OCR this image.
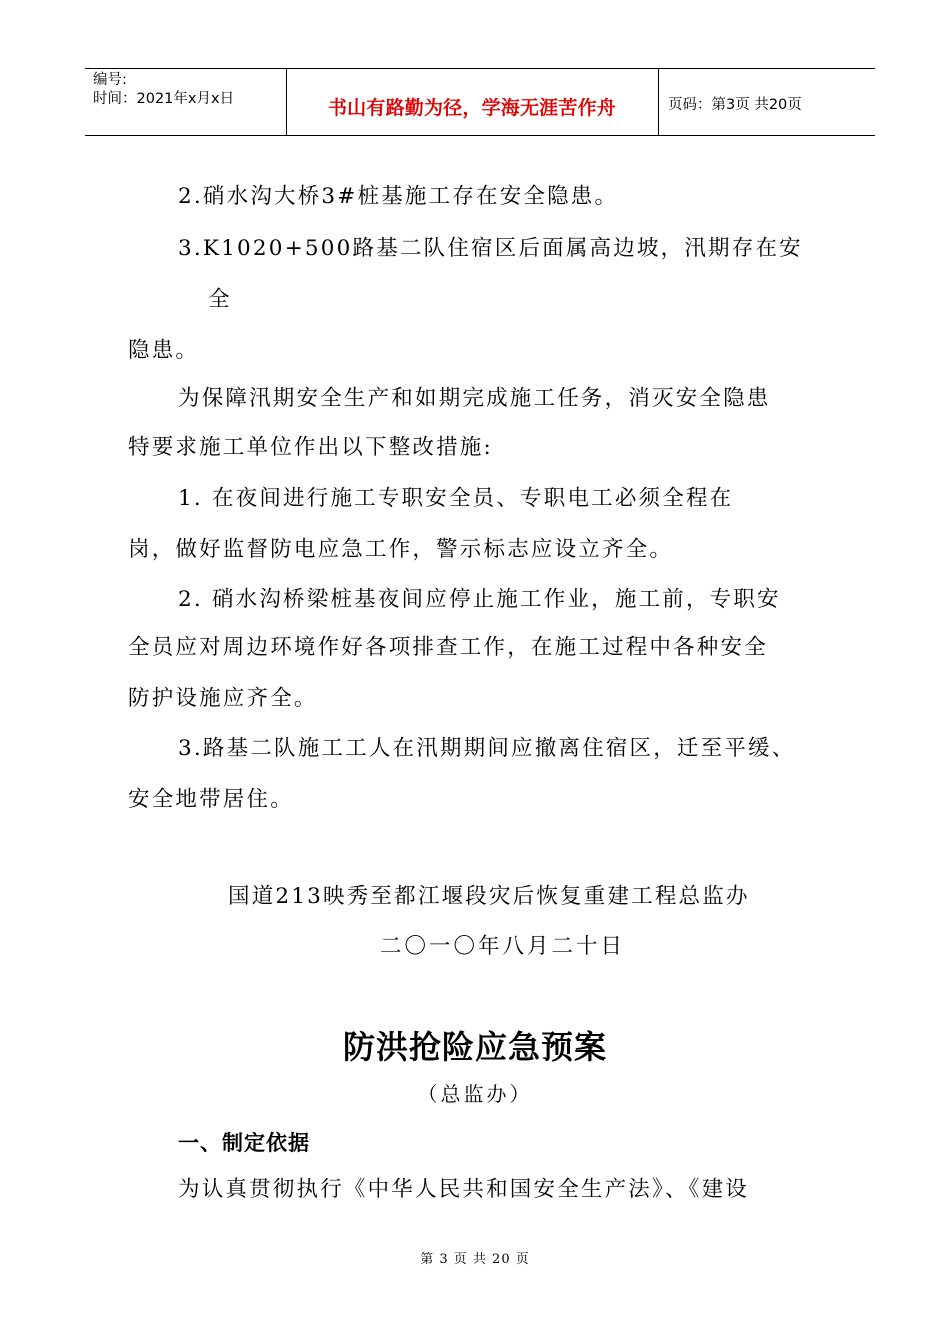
编号:
时间：2021年x月x日	书山有路勤为径，学海无涯苦作舟	页码：第3页 共20页
2.硝水沟大桥3#桩基施工存在安全隐患。
3.K1020+500路基二队住宿区后面属高边坡，汛期存在安
全
隐患。
为保障汛期安全生产和如期完成施工任务，消灭安全隐患
特要求施工单位作出以下整改措施:
1. 在夜间进行施工专职安全员、专职电工必须全程在
岗，做好监督防电应急工作，警示标志应设立齐全。
2. 硝水沟桥梁桩基夜间应停止施工作业，施工前，专职安
全员应对周边环境作好各项排查工作，在施工过程中各种安全
防护设施应齐全。
3.路基二队施工工人在汛期期间应撤离住宿区，迁至平缓、
安全地带居住。
国道213映秀至都江堰段灾后恢复重建工程总监办
二〇一〇年八月二十日
防洪抢险应急预案
（总监办）
一、制定依据
为认真贯彻执行《中华人民共和国安全生产法》、《建设
第 3 页 共 20 页
